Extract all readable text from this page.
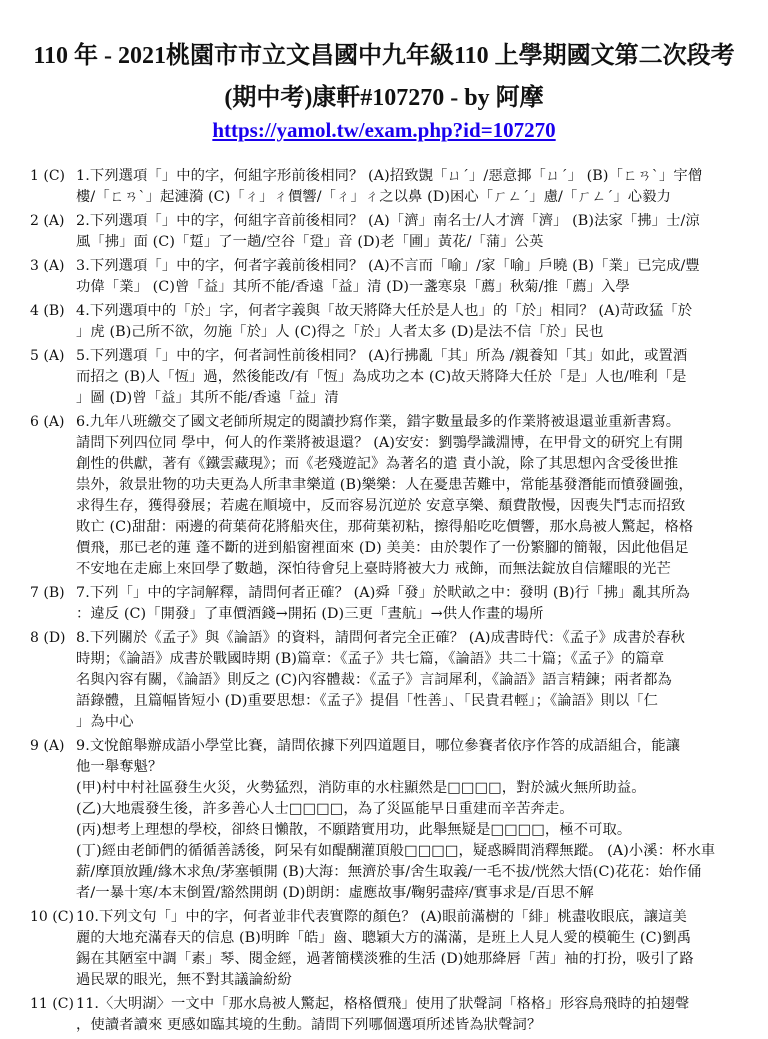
110 年 - 2021桃園市市立文昌國中九年級110 上學期國文第二次段考
(期中考)康軒#107270 - by 阿摩
https://yamol.tw/exam.php?id=107270
1 (C) 1.下列選項「」中的字，何組字形前後相同？ (A)招致覬「ㄩˊ」/惡意揶「ㄩˊ」 (B)「ㄈㄢˋ」宇僧
樓/「ㄈㄢˋ」起漣漪 (C)「ㄔ」ㄔ價響/「ㄔ」ㄔ之以鼻 (D)困心「ㄏㄥˊ」慮/「ㄏㄥˊ」心毅力
2 (A) 2.下列選項「」中的字，何組字音前後相同？ (A)「濟」南名士/人才濟「濟」 (B)法家「拂」士/涼
風「拂」面 (C)「踅」了一趟/空谷「跫」音 (D)老「圃」黃花/「蒲」公英
3 (A) 3.下列選項「」中的字，何者字義前後相同？ (A)不言而「喻」/家「喻」戶曉 (B)「業」已完成/豐
功偉「業」 (C)曾「益」其所不能/香遠「益」清 (D)一盞寒泉「薦」秋菊/推「薦」入學
4 (B) 4.下列選項中的「於」字，何者字義與「故天將降大任於是人也」的「於」相同？ (A)苛政猛「於
」虎 (B)己所不欲，勿施「於」人 (C)得之「於」人者太多 (D)是法不信「於」民也
5 (A) 5.下列選項「」中的字，何者詞性前後相同？ (A)行拂亂「其」所為 /親養知「其」如此，或置酒
而招之 (B)人「恆」過，然後能改/有「恆」為成功之本 (C)故天將降大任於「是」人也/唯利「是
」圖 (D)曾「益」其所不能/香遠「益」清
6 (A) 6.九年八班繳交了國文老師所規定的閱讀抄寫作業，錯字數量最多的作業將被退還並重新書寫。
請問下列四位同 學中，何人的作業將被退還？ (A)安安：劉鶚學識淵博，在甲骨文的研究上有開
創性的供獻，著有《鐵雲藏現》；而《老殘遊記》為著名的遣 責小說，除了其思想內含受後世推
祟外，敘景壯物的功夫更為人所聿聿樂道 (B)樂樂：人在憂患苦難中，常能基發潛能而憤發圖強，
求得生存，獲得發展；若處在順境中，反而容易沉逆於 安意享樂、頹費散慢，因喪失鬥志而招致
敗亡 (C)甜甜：兩邊的荷葉荷花將船夾住，那荷葉初粘，擦得船吃吃價響，那水鳥被人驚起，格格
價飛，那已老的蓮 蓬不斷的迸到船窗裡面來 (D) 美美：由於製作了一份繁腳的簡報，因此他倡足
不安地在走廊上來回學了數趟，深怕待會兒上臺時將被大力 戒飾，而無法錠放自信耀眼的光芒
7 (B) 7.下列「」中的字詞解釋，請問何者正確？ (A)舜「發」於畎畝之中：發明 (B)行「拂」亂其所為
：違反 (C)「開發」了車價酒錢→開拓 (D)三更「晝航」→供人作畫的場所
8 (D) 8.下列關於《孟子》與《論語》的資料，請問何者完全正確？ (A)成書時代：《孟子》成書於春秋
時期；《論語》成書於戰國時期 (B)篇章：《孟子》共七篇，《論語》共二十篇；《孟子》的篇章
名與內容有關，《論語》則反之 (C)內容體裁：《孟子》言詞犀利，《論語》語言精鍊；兩者都為
語錄體，且篇幅皆短小 (D)重要思想：《孟子》提倡「性善」、「民貴君輕」；《論語》則以「仁
」為中心
9 (A) 9.文悅館舉辦成語小學堂比賽，請問依據下列四道題目，哪位參賽者依序作答的成語組合，能讓
他一舉奪魁？
(甲)村中村社區發生火災，火勢猛烈，消防車的水柱顯然是□□□□，對於滅火無所助益。
(乙)大地震發生後，許多善心人士□□□□，為了災區能早日重建而辛苦奔走。
(丙)想考上理想的學校，卻終日懶散，不願踏實用功，此舉無疑是□□□□，極不可取。
(丁)經由老師們的循循善誘後，阿呆有如醍醐灌頂般□□□□，疑惑瞬間消釋無蹤。 (A)小溪：杯水車
薪/摩頂放踵/緣木求魚/茅塞頓開 (B)大海：無濟於事/舍生取義/一毛不拔/恍然大悟(C)花花：始作俑
者/一暴十寒/本末倒置/豁然開朗 (D)朗朗：虛應故事/鞠躬盡瘁/實事求是/百思不解
10 (C) 10.下列文句「」中的字，何者並非代表實際的顏色？ (A)眼前滿樹的「緋」桃盡收眼底，讓這美
麗的大地充滿春天的信息 (B)明眸「皓」齒、聰穎大方的滿滿，是班上人見人愛的模範生 (C)劉禹
錫在其陋室中調「素」琴、閱金經，過著簡樸淡雅的生活 (D)她那絳唇「茜」袖的打扮，吸引了路
過民眾的眼光，無不對其議論紛紛
11 (C) 11.〈大明湖〉一文中「那水鳥被人驚起，格格價飛」使用了狀聲詞「格格」形容鳥飛時的拍翅聲
，使讀者讀來 更感如臨其境的生動。請問下列哪個選項所述皆為狀聲詞？
